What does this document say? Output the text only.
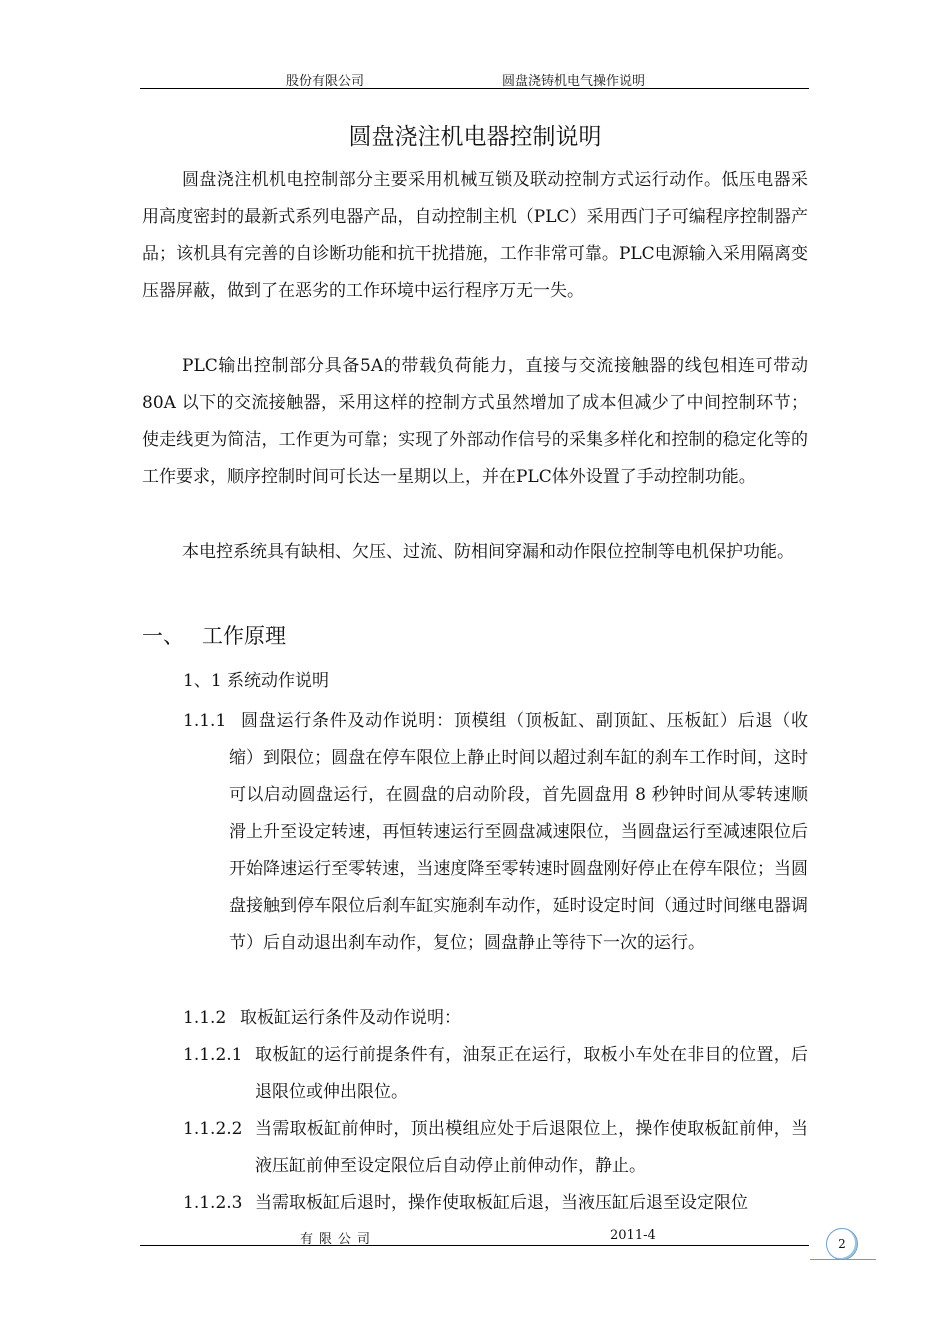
股份有限公司	圆盘浇铸机电气操作说明
圆盘浇注机电器控制说明

圆盘浇注机机电控制部分主要采用机械互锁及联动控制方式运行动作。低压电器采用高度密封的最新式系列电器产品，自动控制主机（PLC）采用西门子可编程序控制器产品；该机具有完善的自诊断功能和抗干扰措施，工作非常可靠。PLC电源输入采用隔离变压器屏蔽，做到了在恶劣的工作环境中运行程序万无一失。

PLC输出控制部分具备5A的带载负荷能力，直接与交流接触器的线包相连可带动 80A 以下的交流接触器，采用这样的控制方式虽然增加了成本但减少了中间控制环节；使走线更为简洁，工作更为可靠；实现了外部动作信号的采集多样化和控制的稳定化等的工作要求，顺序控制时间可长达一星期以上，并在PLC体外设置了手动控制功能。

本电控系统具有缺相、欠压、过流、防相间穿漏和动作限位控制等电机保护功能。

一、 工作原理
1、1 系统动作说明
1.1.1 圆盘运行条件及动作说明：顶模组（顶板缸、副顶缸、压板缸）后退（收缩）到限位；圆盘在停车限位上静止时间以超过刹车缸的刹车工作时间，这时可以启动圆盘运行，在圆盘的启动阶段，首先圆盘用 8 秒钟时间从零转速顺滑上升至设定转速，再恒转速运行至圆盘减速限位，当圆盘运行至减速限位后开始降速运行至零转速，当速度降至零转速时圆盘刚好停止在停车限位；当圆盘接触到停车限位后刹车缸实施刹车动作，延时设定时间（通过时间继电器调节）后自动退出刹车动作，复位；圆盘静止等待下一次的运行。
1.1.2 取板缸运行条件及动作说明：
1.1.2.1 取板缸的运行前提条件有，油泵正在运行，取板小车处在非目的位置，后退限位或伸出限位。
1.1.2.2 当需取板缸前伸时，顶出模组应处于后退限位上，操作使取板缸前伸，当液压缸前伸至设定限位后自动停止前伸动作，静止。
1.1.2.3 当需取板缸后退时，操作使取板缸后退，当液压缸后退至设定限位
有限公司	2011-4
2
